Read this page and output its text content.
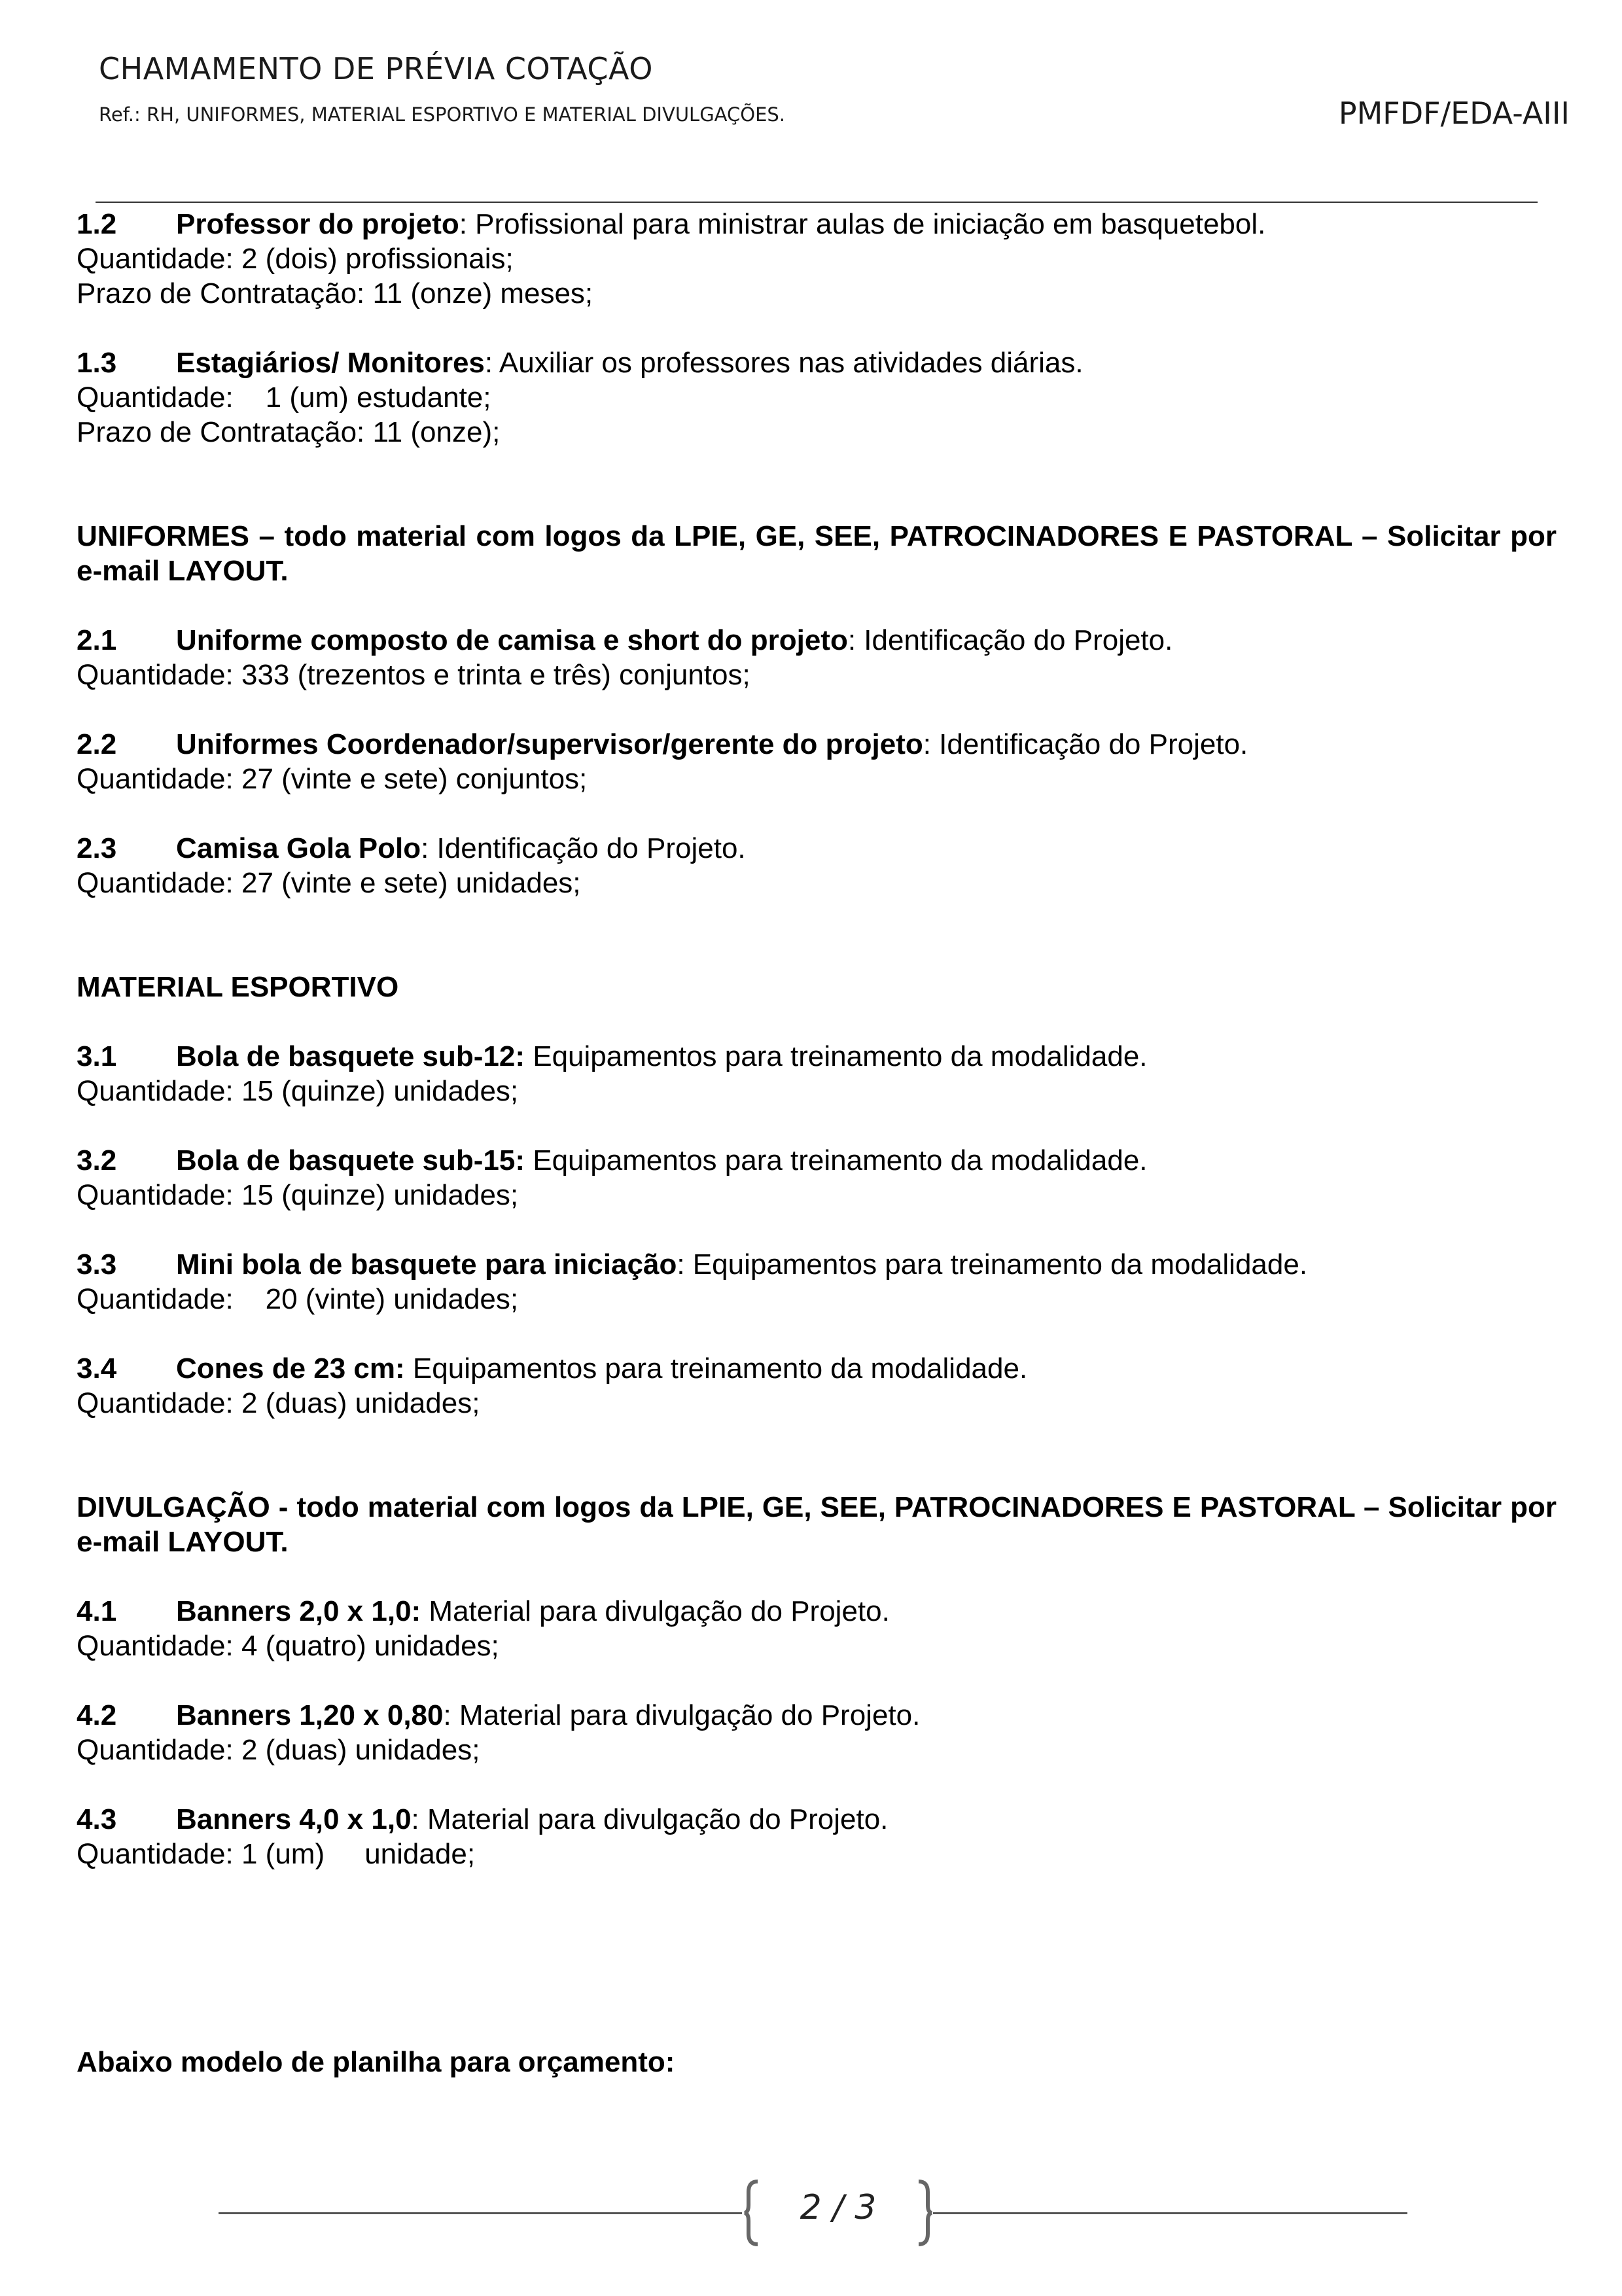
CHAMAMENTO DE PRÉVIA COTAÇÃO
Ref.: RH, UNIFORMES, MATERIAL ESPORTIVO E MATERIAL DIVULGAÇÕES.	PMFDF/EDA-AIII

1.2 Professor do projeto: Profissional para ministrar aulas de iniciação em basquetebol.

Quantidade: 2 (dois) profissionais;

Prazo de Contratação: 11 (onze) meses;

1.3 Estagiários/ Monitores: Auxiliar os professores nas atividades diárias.

Quantidade:    1 (um) estudante;

Prazo de Contratação: 11 (onze);

UNIFORMES – todo material com logos da LPIE, GE, SEE, PATROCINADORES E PASTORAL – Solicitar por e-mail LAYOUT.

2.1 Uniforme composto de camisa e short do projeto: Identificação do Projeto.

Quantidade: 333 (trezentos e trinta e três) conjuntos;

2.2 Uniformes Coordenador/supervisor/gerente do projeto: Identificação do Projeto.

Quantidade: 27 (vinte e sete) conjuntos;

2.3 Camisa Gola Polo: Identificação do Projeto.

Quantidade: 27 (vinte e sete) unidades;

MATERIAL ESPORTIVO

3.1 Bola de basquete sub-12: Equipamentos para treinamento da modalidade.

Quantidade: 15 (quinze) unidades;

3.2 Bola de basquete sub-15: Equipamentos para treinamento da modalidade.

Quantidade: 15 (quinze) unidades;

3.3 Mini bola de basquete para iniciação: Equipamentos para treinamento da modalidade.

Quantidade:    20 (vinte) unidades;

3.4 Cones de 23 cm: Equipamentos para treinamento da modalidade.

Quantidade: 2 (duas) unidades;

DIVULGAÇÃO - todo material com logos da LPIE, GE, SEE, PATROCINADORES E PASTORAL – Solicitar por e-mail LAYOUT.

4.1 Banners 2,0 x 1,0: Material para divulgação do Projeto.

Quantidade: 4 (quatro) unidades;

4.2 Banners 1,20 x 0,80: Material para divulgação do Projeto.

Quantidade: 2 (duas) unidades;

4.3 Banners 4,0 x 1,0: Material para divulgação do Projeto.

Quantidade: 1 (um)     unidade;

Abaixo modelo de planilha para orçamento:

2 / 3
